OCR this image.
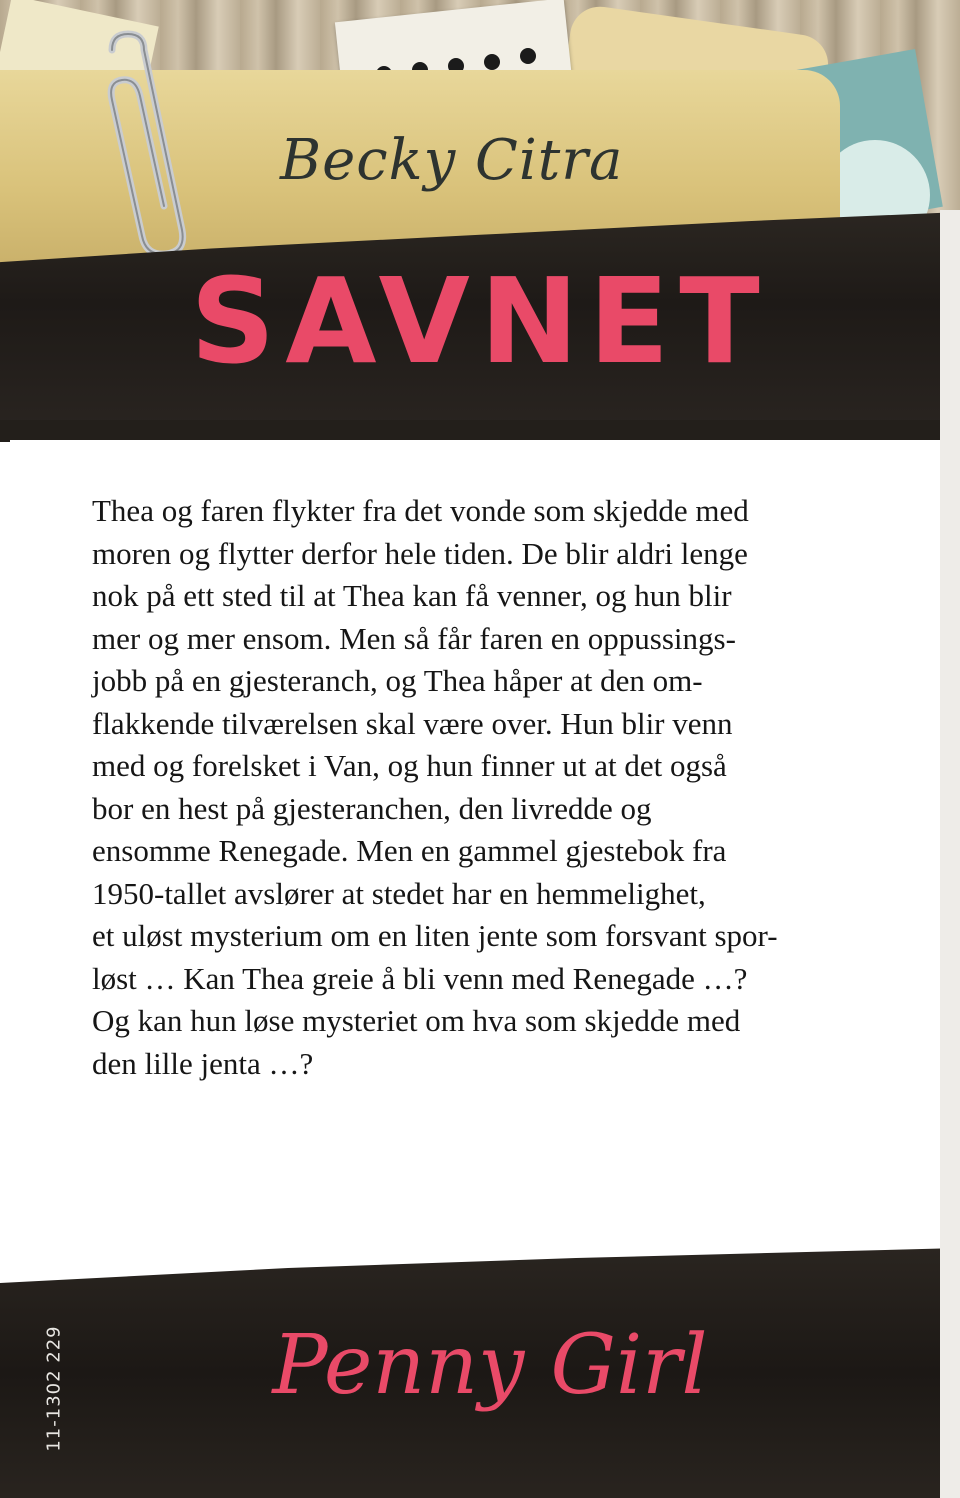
Becky Citra
SAVNET

Thea og faren flykter fra det vonde som skjedde med
moren og flytter derfor hele tiden. De blir aldri lenge
nok på ett sted til at Thea kan få venner, og hun blir
mer og mer ensom. Men så får faren en oppussings-
jobb på en gjesteranch, og Thea håper at den om-
flakkende tilværelsen skal være over. Hun blir venn
med og forelsket i Van, og hun finner ut at det også
bor en hest på gjesteranchen, den livredde og
ensomme Renegade. Men en gammel gjestebok fra
1950-tallet avslører at stedet har en hemmelighet,
et uløst mysterium om en liten jente som forsvant spor-
løst … Kan Thea greie å bli venn med Renegade …?
Og kan hun løse mysteriet om hva som skjedde med
den lille jenta …?

11-1302 229	Penny Girl
